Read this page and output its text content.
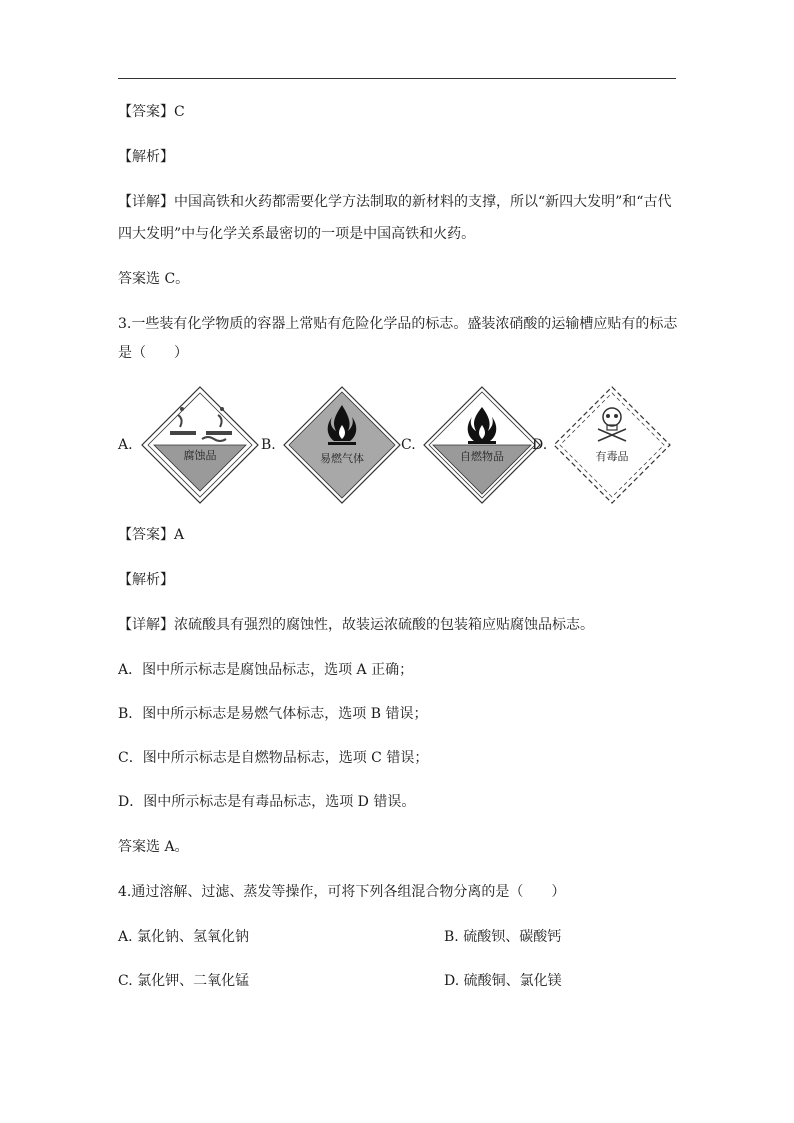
【答案】C
【解析】
【详解】中国高铁和火药都需要化学方法制取的新材料的支撑，所以“新四大发明”和“古代
四大发明”中与化学关系最密切的一项是中国高铁和火药。
答案选 C。
3.一些装有化学物质的容器上常贴有危险化学品的标志。盛装浓硝酸的运输槽应贴有的标志
是（　　）
A.
腐蚀品
B.
易燃气体
C.
自燃物品
D.
有毒品
【答案】A
【解析】
【详解】浓硫酸具有强烈的腐蚀性，故装运浓硫酸的包装箱应贴腐蚀品标志。
A．图中所示标志是腐蚀品标志，选项 A 正确；
B．图中所示标志是易燃气体标志，选项 B 错误；
C．图中所示标志是自燃物品标志，选项 C 错误；
D．图中所示标志是有毒品标志，选项 D 错误。
答案选 A。
4.通过溶解、过滤、蒸发等操作，可将下列各组混合物分离的是（　　）
A. 氯化钠、氢氧化钠	B. 硫酸钡、碳酸钙
C. 氯化钾、二氧化锰	D. 硫酸铜、氯化镁
